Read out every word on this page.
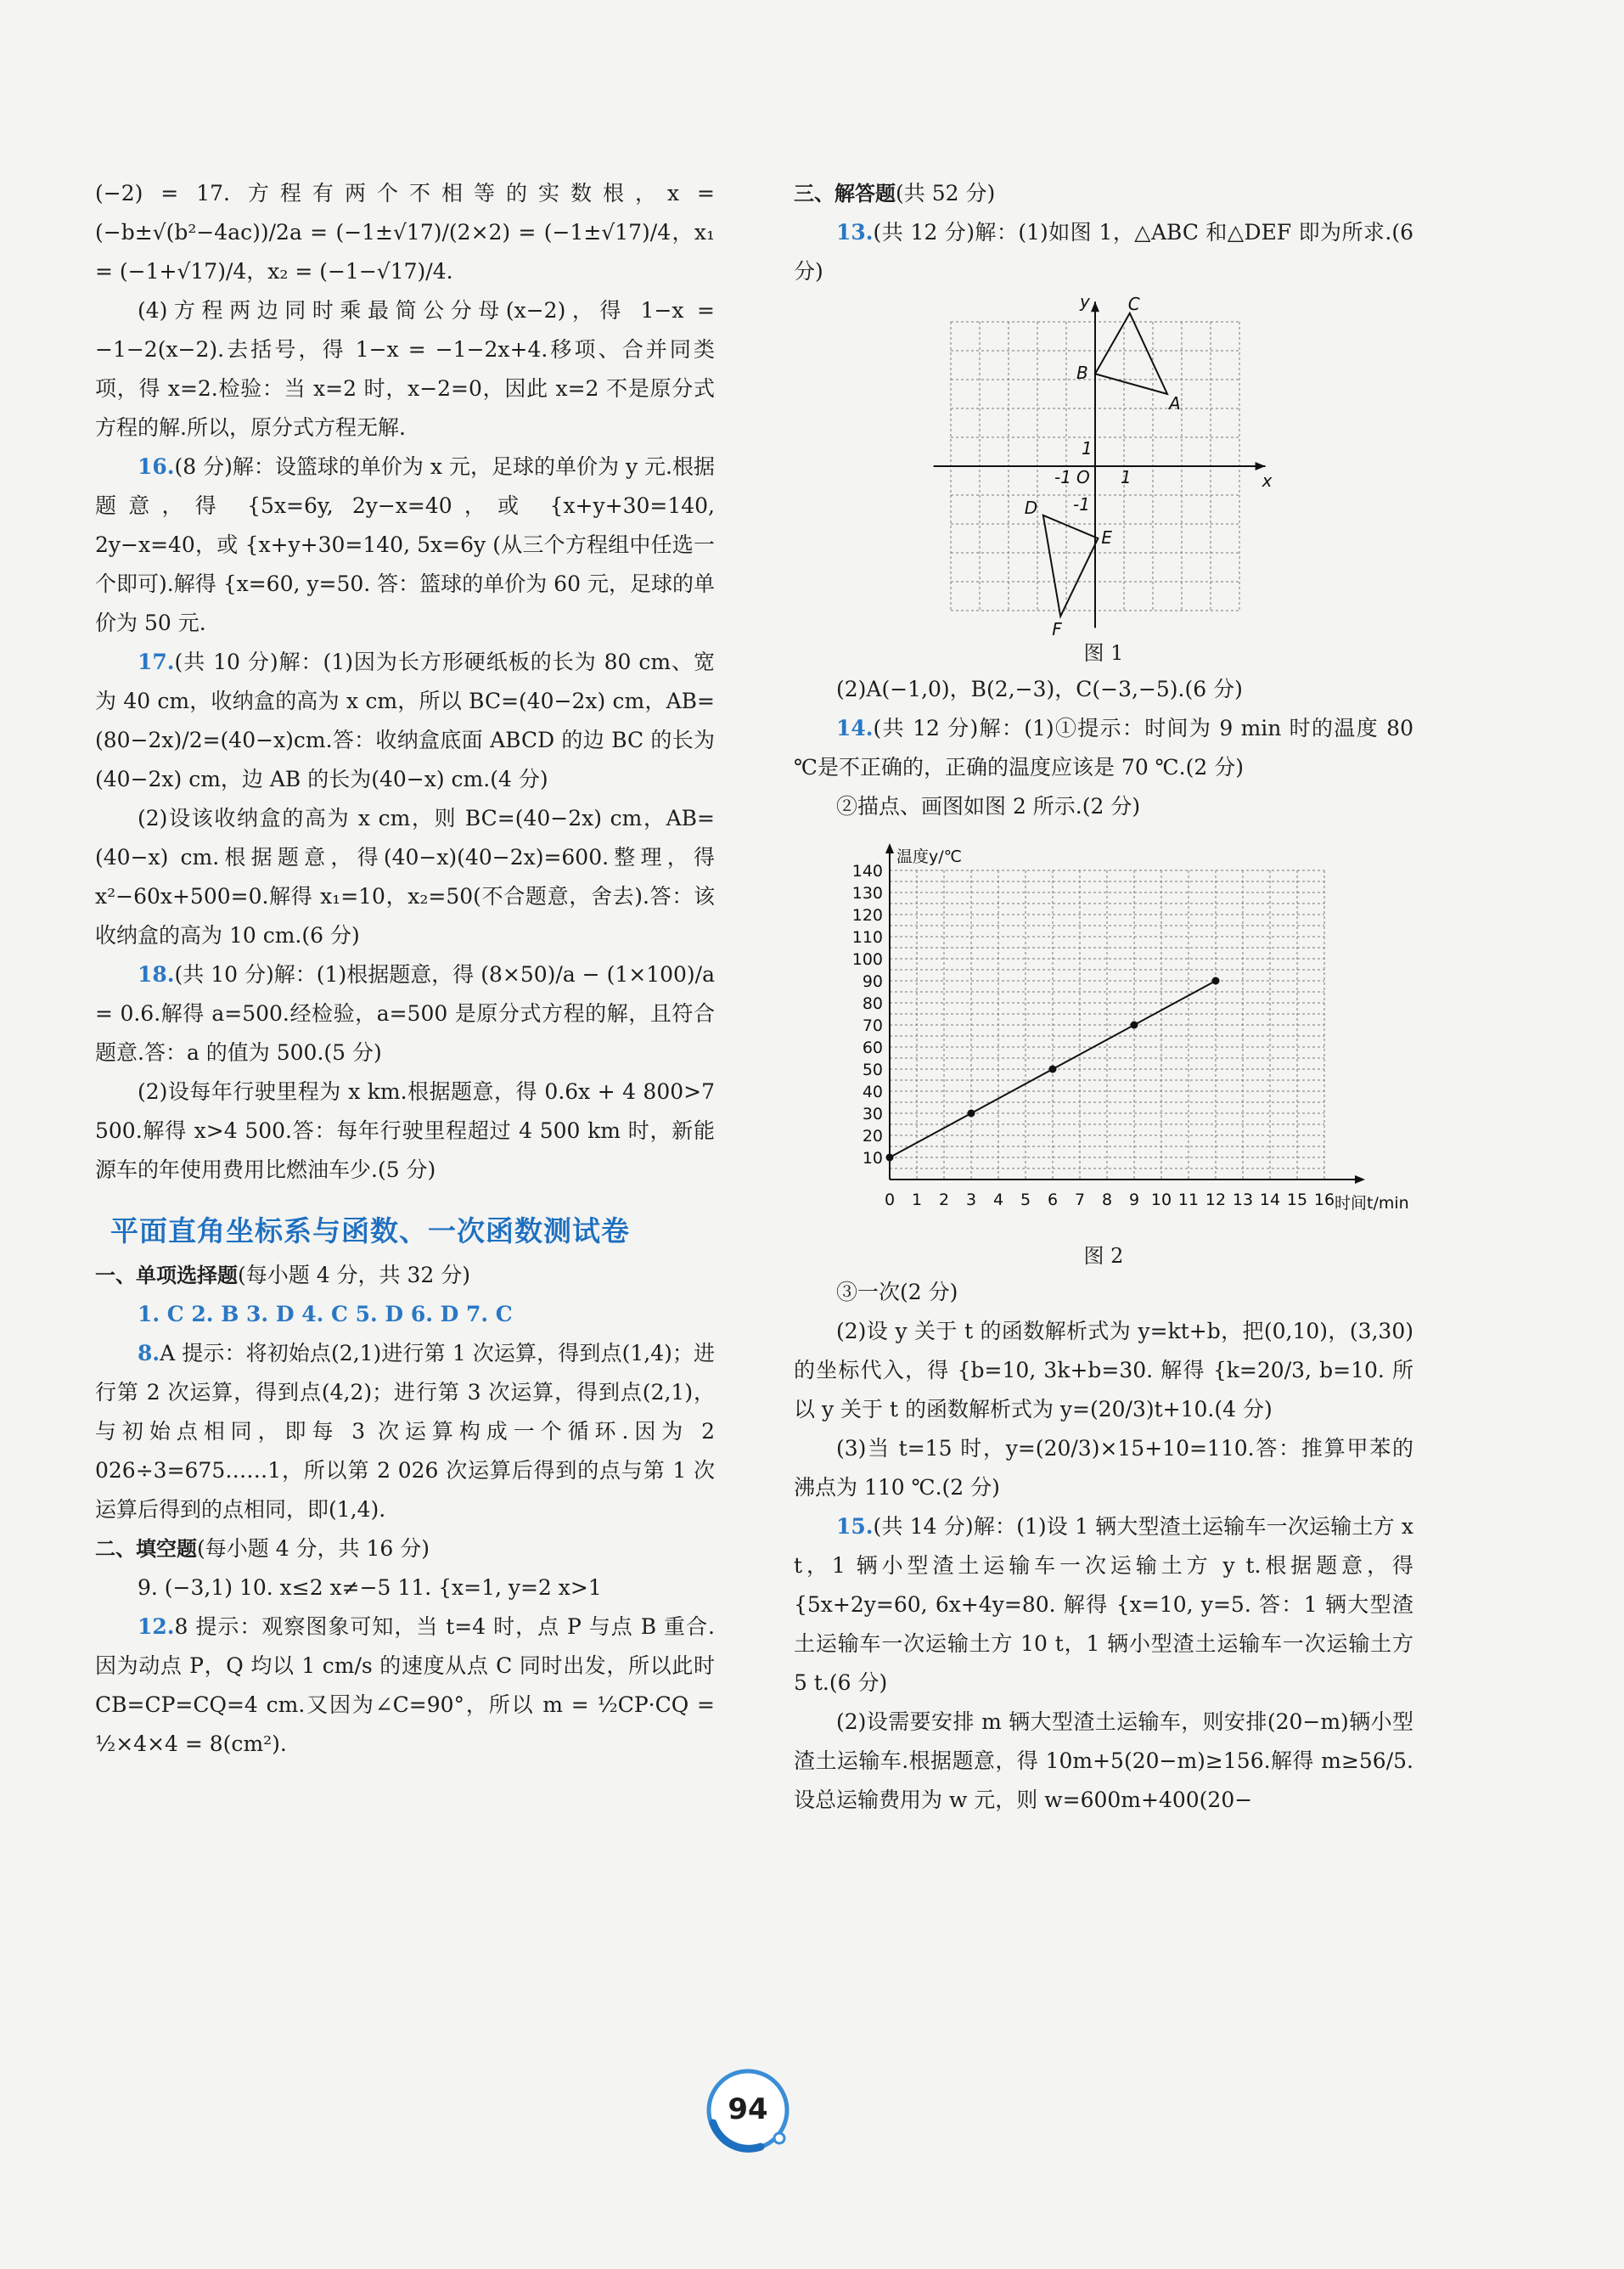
(−2) = 17. 方程有两个不相等的实数根，x = (−b±√(b²−4ac))/2a = (−1±√17)/(2×2) = (−1±√17)/4，x₁ = (−1+√17)/4，x₂ = (−1−√17)/4.

(4)方程两边同时乘最简公分母(x−2)，得 1−x = −1−2(x−2).去括号，得 1−x = −1−2x+4.移项、合并同类项，得 x=2.检验：当 x=2 时，x−2=0，因此 x=2 不是原分式方程的解.所以，原分式方程无解.

16.(8 分)解：设篮球的单价为 x 元，足球的单价为 y 元.根据题意，得 {5x=6y, 2y−x=40，或 {x+y+30=140, 2y−x=40，或 {x+y+30=140, 5x=6y (从三个方程组中任选一个即可).解得 {x=60, y=50. 答：篮球的单价为 60 元，足球的单价为 50 元.

17.(共 10 分)解：(1)因为长方形硬纸板的长为 80 cm、宽为 40 cm，收纳盒的高为 x cm，所以 BC=(40−2x) cm，AB=(80−2x)/2=(40−x)cm.答：收纳盒底面 ABCD 的边 BC 的长为(40−2x) cm，边 AB 的长为(40−x) cm.(4 分)

(2)设该收纳盒的高为 x cm，则 BC=(40−2x) cm，AB=(40−x) cm.根据题意，得(40−x)(40−2x)=600.整理，得 x²−60x+500=0.解得 x₁=10，x₂=50(不合题意，舍去).答：该收纳盒的高为 10 cm.(6 分)

18.(共 10 分)解：(1)根据题意，得 (8×50)/a − (1×100)/a = 0.6.解得 a=500.经检验，a=500 是原分式方程的解，且符合题意.答：a 的值为 500.(5 分)

(2)设每年行驶里程为 x km.根据题意，得 0.6x + 4 800>7 500.解得 x>4 500.答：每年行驶里程超过 4 500 km 时，新能源车的年使用费用比燃油车少.(5 分)

平面直角坐标系与函数、一次函数测试卷

一、单项选择题(每小题 4 分，共 32 分)

1. C 2. B 3. D 4. C 5. D 6. D 7. C

8.A 提示：将初始点(2,1)进行第 1 次运算，得到点(1,4)；进行第 2 次运算，得到点(4,2)；进行第 3 次运算，得到点(2,1)，与初始点相同，即每 3 次运算构成一个循环.因为 2 026÷3=675……1，所以第 2 026 次运算后得到的点与第 1 次运算后得到的点相同，即(1,4).

二、填空题(每小题 4 分，共 16 分)

9. (−3,1) 10. x≤2 x≠−5 11. {x=1, y=2 x>1

12.8 提示：观察图象可知，当 t=4 时，点 P 与点 B 重合.因为动点 P，Q 均以 1 cm/s 的速度从点 C 同时出发，所以此时 CB=CP=CQ=4 cm.又因为∠C=90°，所以 m = ½CP·CQ = ½×4×4 = 8(cm²).

三、解答题(共 52 分)

13.(共 12 分)解：(1)如图 1，△ABC 和△DEF 即为所求.(6 分)

y
x
O
1
-1	1
-1
A
B
C
D
E
F
图 1

(2)A(−1,0)，B(2,−3)，C(−3,−5).(6 分)

14.(共 12 分)解：(1)①提示：时间为 9 min 时的温度 80 ℃是不正确的，正确的温度应该是 70 ℃.(2 分)

②描点、画图如图 2 所示.(2 分)

0 1 2 3 4 5 6 7 8 9 10 11 12 13 14 15 16
10
20
30
40
50
60
70
80
90
100
110
120
130
140
温度y/℃
时间t/min
图 2

③一次(2 分)

(2)设 y 关于 t 的函数解析式为 y=kt+b，把(0,10)，(3,30)的坐标代入，得 {b=10, 3k+b=30. 解得 {k=20/3, b=10. 所以 y 关于 t 的函数解析式为 y=(20/3)t+10.(4 分)

(3)当 t=15 时，y=(20/3)×15+10=110.答：推算甲苯的沸点为 110 ℃.(2 分)

15.(共 14 分)解：(1)设 1 辆大型渣土运输车一次运输土方 x t，1 辆小型渣土运输车一次运输土方 y t.根据题意，得 {5x+2y=60, 6x+4y=80. 解得 {x=10, y=5. 答：1 辆大型渣土运输车一次运输土方 10 t，1 辆小型渣土运输车一次运输土方 5 t.(6 分)

(2)设需要安排 m 辆大型渣土运输车，则安排(20−m)辆小型渣土运输车.根据题意，得 10m+5(20−m)≥156.解得 m≥56/5.设总运输费用为 w 元，则 w=600m+400(20−

94
